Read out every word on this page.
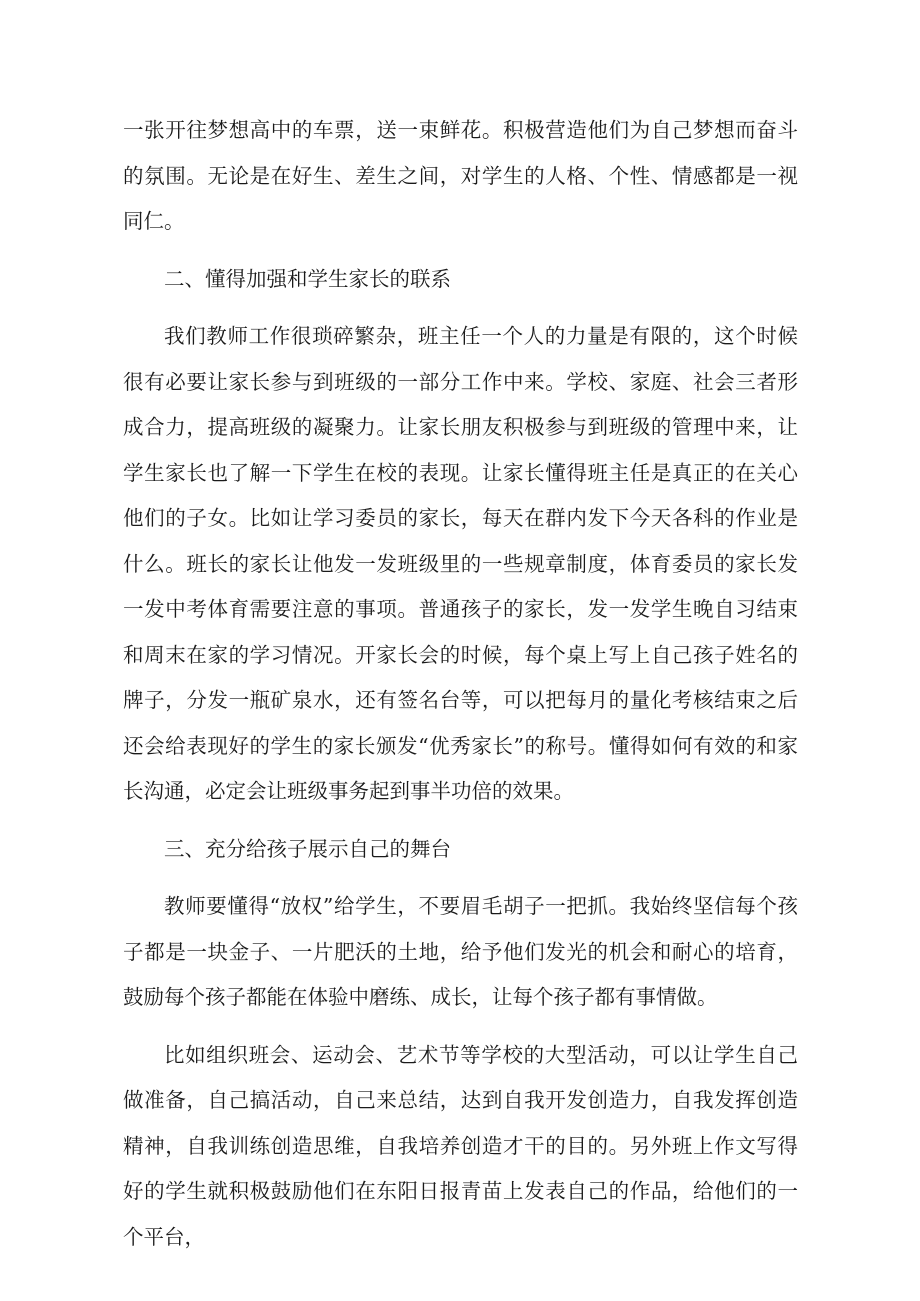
一张开往梦想高中的车票，送一束鲜花。积极营造他们为自己梦想而奋斗的氛围。无论是在好生、差生之间，对学生的人格、个性、情感都是一视同仁。

二、懂得加强和学生家长的联系

我们教师工作很琐碎繁杂，班主任一个人的力量是有限的，这个时候很有必要让家长参与到班级的一部分工作中来。学校、家庭、社会三者形成合力，提高班级的凝聚力。让家长朋友积极参与到班级的管理中来，让学生家长也了解一下学生在校的表现。让家长懂得班主任是真正的在关心他们的子女。比如让学习委员的家长，每天在群内发下今天各科的作业是什么。班长的家长让他发一发班级里的一些规章制度，体育委员的家长发一发中考体育需要注意的事项。普通孩子的家长，发一发学生晚自习结束和周末在家的学习情况。开家长会的时候，每个桌上写上自己孩子姓名的牌子，分发一瓶矿泉水，还有签名台等，可以把每月的量化考核结束之后还会给表现好的学生的家长颁发“优秀家长”的称号。懂得如何有效的和家长沟通，必定会让班级事务起到事半功倍的效果。

三、充分给孩子展示自己的舞台

教师要懂得“放权”给学生，不要眉毛胡子一把抓。我始终坚信每个孩子都是一块金子、一片肥沃的土地，给予他们发光的机会和耐心的培育，鼓励每个孩子都能在体验中磨练、成长，让每个孩子都有事情做。

比如组织班会、运动会、艺术节等学校的大型活动，可以让学生自己做准备，自己搞活动，自己来总结，达到自我开发创造力，自我发挥创造精神，自我训练创造思维，自我培养创造才干的目的。另外班上作文写得好的学生就积极鼓励他们在东阳日报青苗上发表自己的作品，给他们的一个平台，
